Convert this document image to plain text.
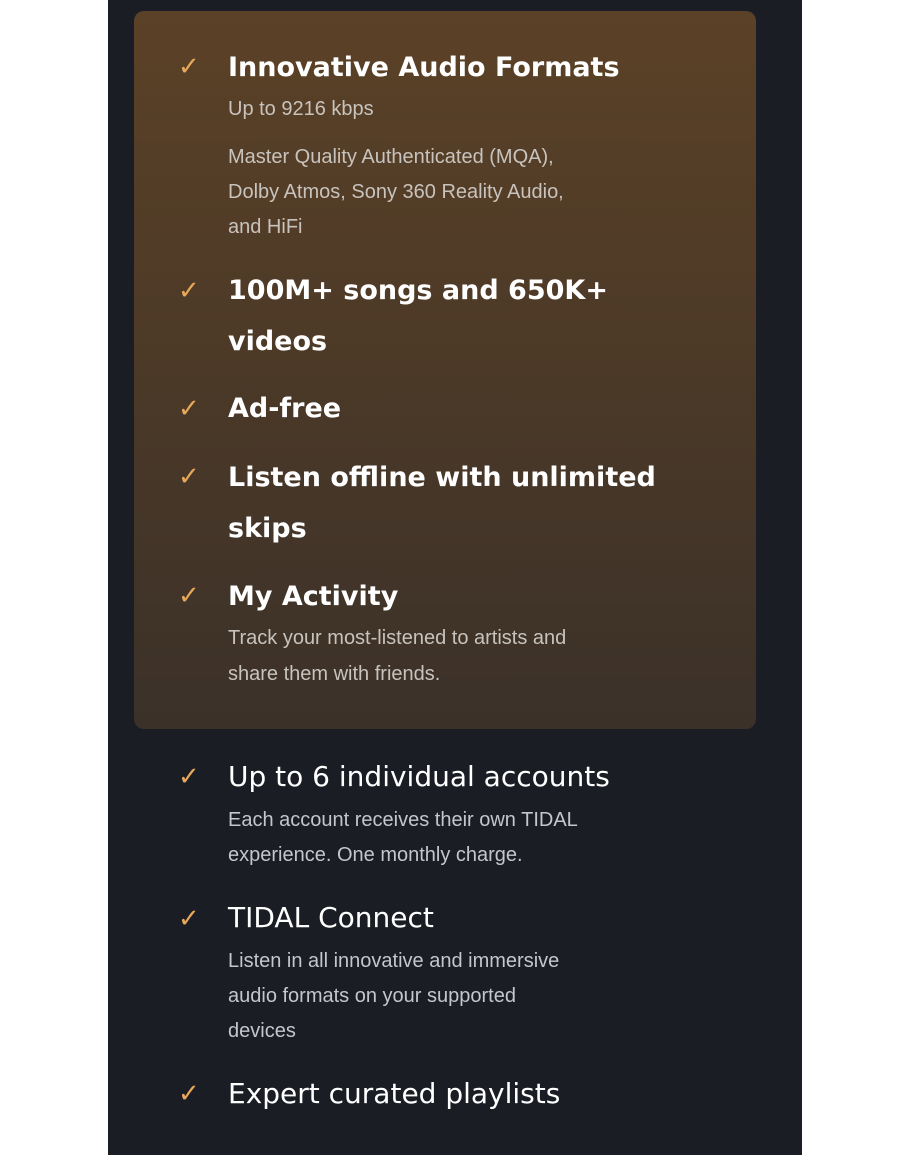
✓ Innovative Audio Formats
Up to 9216 kbps
Master Quality Authenticated (MQA),
Dolby Atmos, Sony 360 Reality Audio,
and HiFi
✓ 100M+ songs and 650K+
videos
✓ Ad-free
✓ Listen offline with unlimited
skips
✓ My Activity
Track your most-listened to artists and
share them with friends.
✓ Up to 6 individual accounts
Each account receives their own TIDAL
experience. One monthly charge.
✓ TIDAL Connect
Listen in all innovative and immersive
audio formats on your supported
devices
✓ Expert curated playlists
